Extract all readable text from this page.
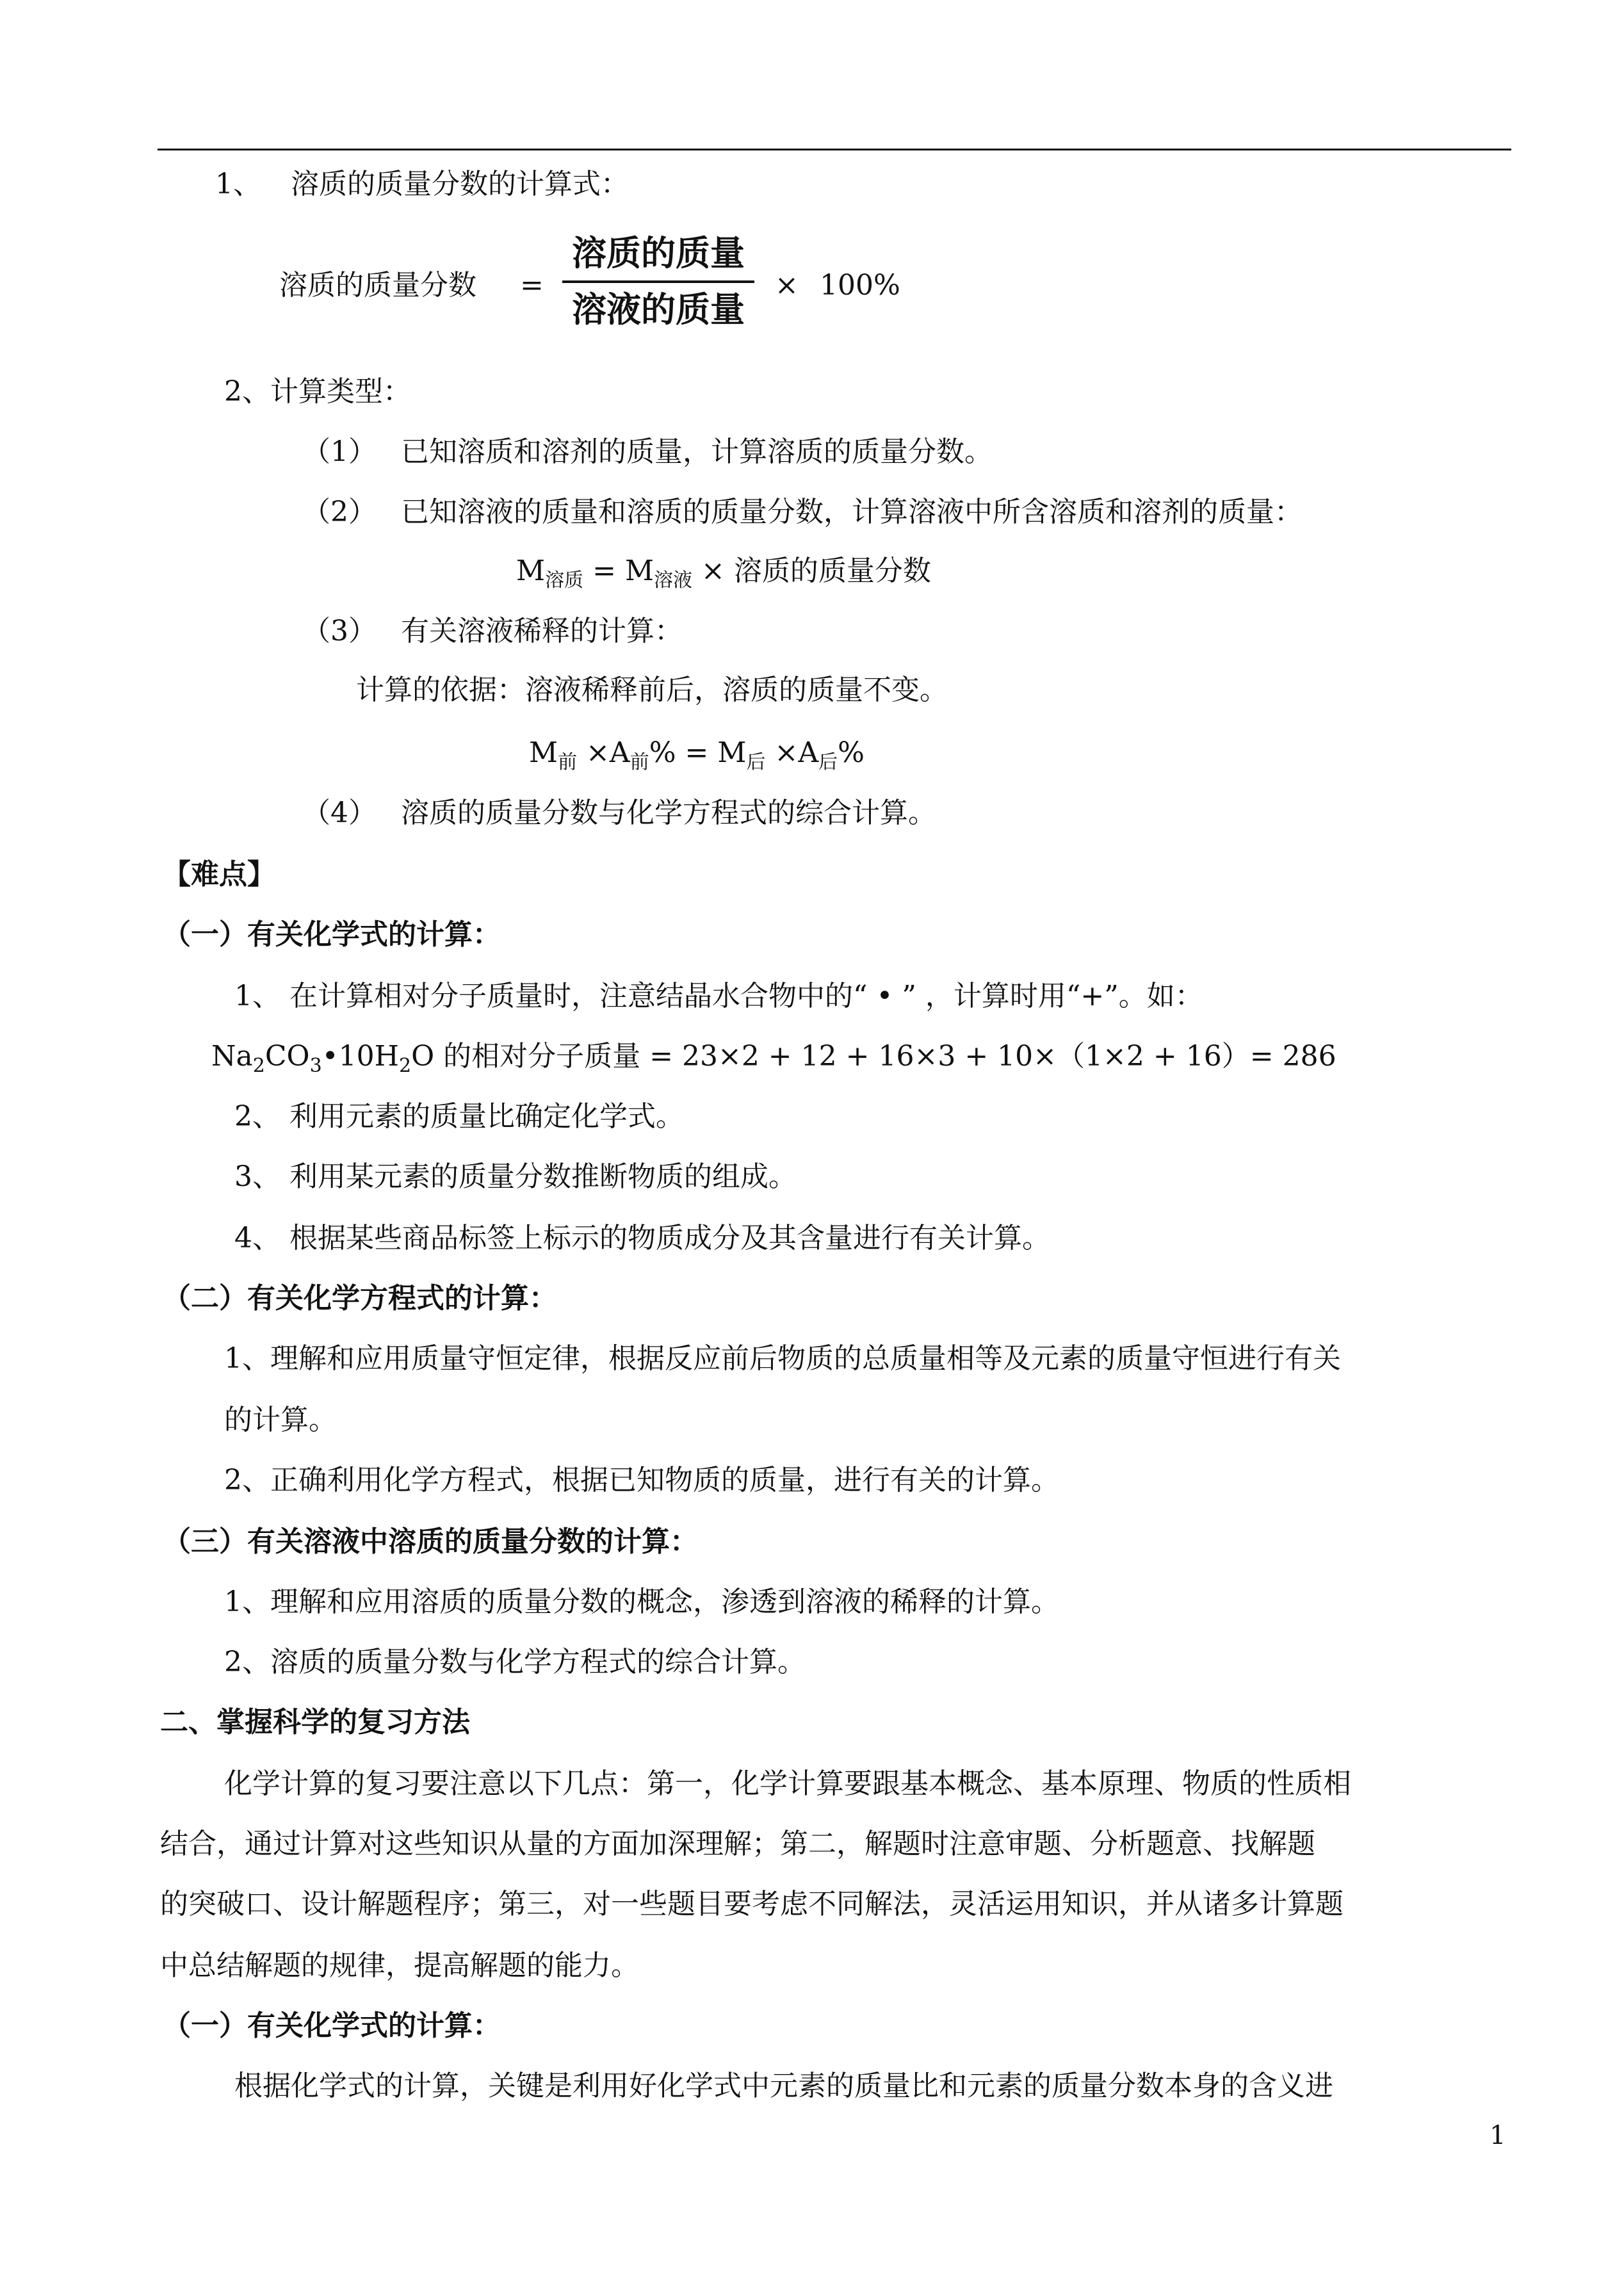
1、 溶质的质量分数的计算式：
溶质的质量分数 =
溶质的质量
溶液的质量
× 100%
2、计算类型：
（1） 已知溶质和溶剂的质量，计算溶质的质量分数。
（2） 已知溶液的质量和溶质的质量分数，计算溶液中所含溶质和溶剂的质量：
$M_{溶质} = M_{溶液}$ × 溶质的质量分数
（3） 有关溶液稀释的计算：
计算的依据：溶液稀释前后，溶质的质量不变。
$M_前 \times A_前\% = M_后 \times A_后\%$
（4） 溶质的质量分数与化学方程式的综合计算。
【难点】
（一）有关化学式的计算：
1、 在计算相对分子质量时，注意结晶水合物中的“ • ” ，计算时用“+”。如：
$Na_2CO_3•10H_2O$ 的相对分子质量 = 23×2 + 12 + 16×3 + 10×（1×2 + 16）= 286
2、 利用元素的质量比确定化学式。
3、 利用某元素的质量分数推断物质的组成。
4、 根据某些商品标签上标示的物质成分及其含量进行有关计算。
（二）有关化学方程式的计算：
1、理解和应用质量守恒定律，根据反应前后物质的总质量相等及元素的质量守恒进行有关
的计算。
2、正确利用化学方程式，根据已知物质的质量，进行有关的计算。
（三）有关溶液中溶质的质量分数的计算：
1、理解和应用溶质的质量分数的概念，渗透到溶液的稀释的计算。
2、溶质的质量分数与化学方程式的综合计算。
二、掌握科学的复习方法
化学计算的复习要注意以下几点：第一，化学计算要跟基本概念、基本原理、物质的性质相
结合，通过计算对这些知识从量的方面加深理解；第二，解题时注意审题、分析题意、找解题
的突破口、设计解题程序；第三，对一些题目要考虑不同解法，灵活运用知识，并从诸多计算题
中总结解题的规律，提高解题的能力。
（一）有关化学式的计算：
根据化学式的计算，关键是利用好化学式中元素的质量比和元素的质量分数本身的含义进
1
